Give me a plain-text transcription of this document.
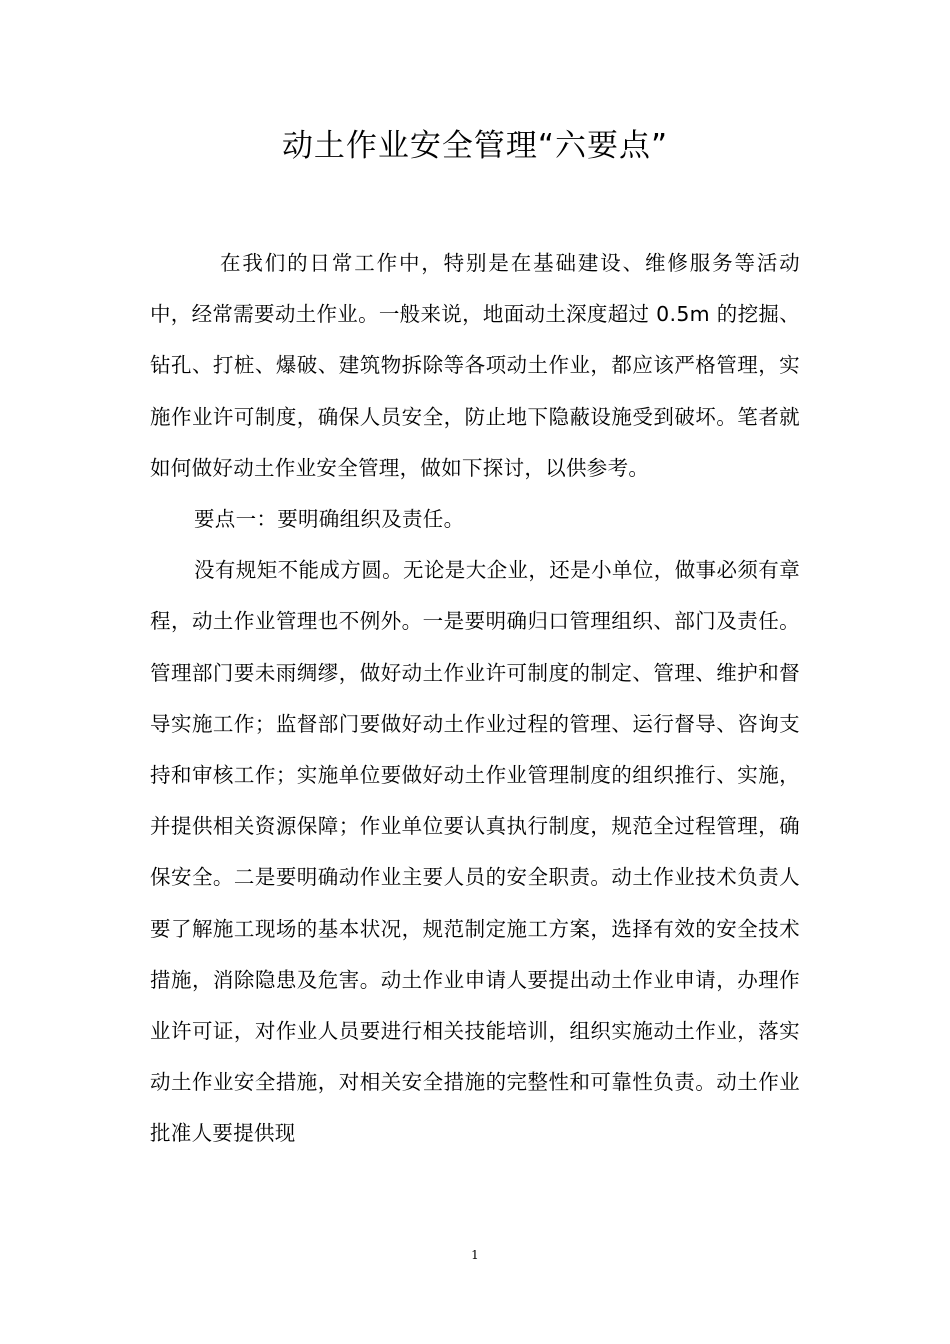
动土作业安全管理“六要点”

在我们的日常工作中，特别是在基础建设、维修服务等活动中，经常需要动土作业。一般来说，地面动土深度超过 0.5m 的挖掘、钻孔、打桩、爆破、建筑物拆除等各项动土作业，都应该严格管理，实施作业许可制度，确保人员安全，防止地下隐蔽设施受到破坏。笔者就如何做好动土作业安全管理，做如下探讨，以供参考。

要点一：要明确组织及责任。

没有规矩不能成方圆。无论是大企业，还是小单位，做事必须有章程，动土作业管理也不例外。一是要明确归口管理组织、部门及责任。管理部门要未雨绸缪，做好动土作业许可制度的制定、管理、维护和督导实施工作；监督部门要做好动土作业过程的管理、运行督导、咨询支持和审核工作；实施单位要做好动土作业管理制度的组织推行、实施，并提供相关资源保障；作业单位要认真执行制度，规范全过程管理，确保安全。二是要明确动作业主要人员的安全职责。动土作业技术负责人要了解施工现场的基本状况，规范制定施工方案，选择有效的安全技术措施，消除隐患及危害。动土作业申请人要提出动土作业申请，办理作业许可证，对作业人员要进行相关技能培训，组织实施动土作业，落实动土作业安全措施，对相关安全措施的完整性和可靠性负责。动土作业批准人要提供现

1
